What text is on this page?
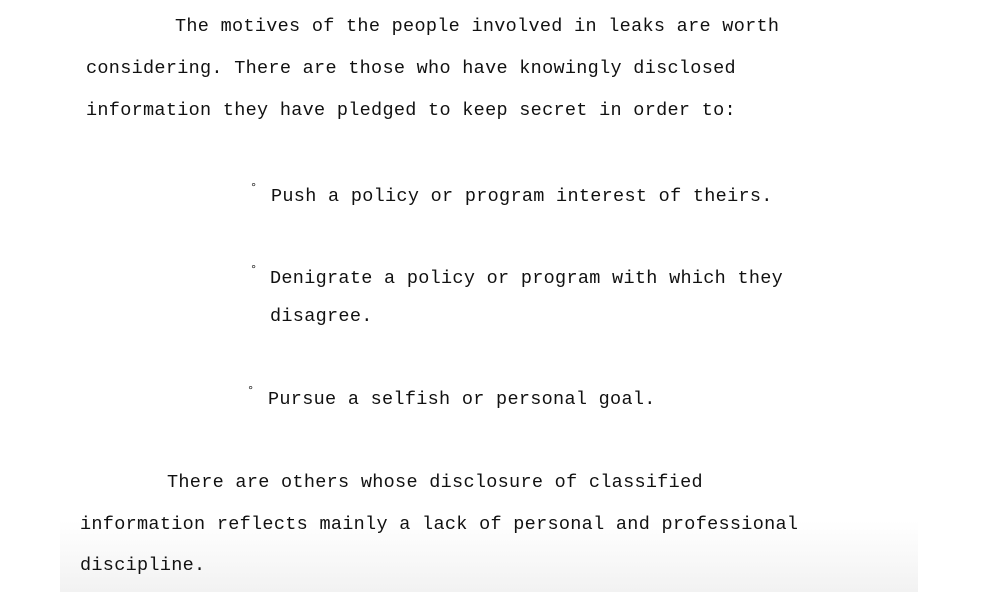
The motives of the people involved in leaks are worth
considering. There are those who have knowingly disclosed
information they have pledged to keep secret in order to:
° Push a policy or program interest of theirs.
° Denigrate a policy or program with which they
disagree.
° Pursue a selfish or personal goal.
There are others whose disclosure of classified
information reflects mainly a lack of personal and professional
discipline.
